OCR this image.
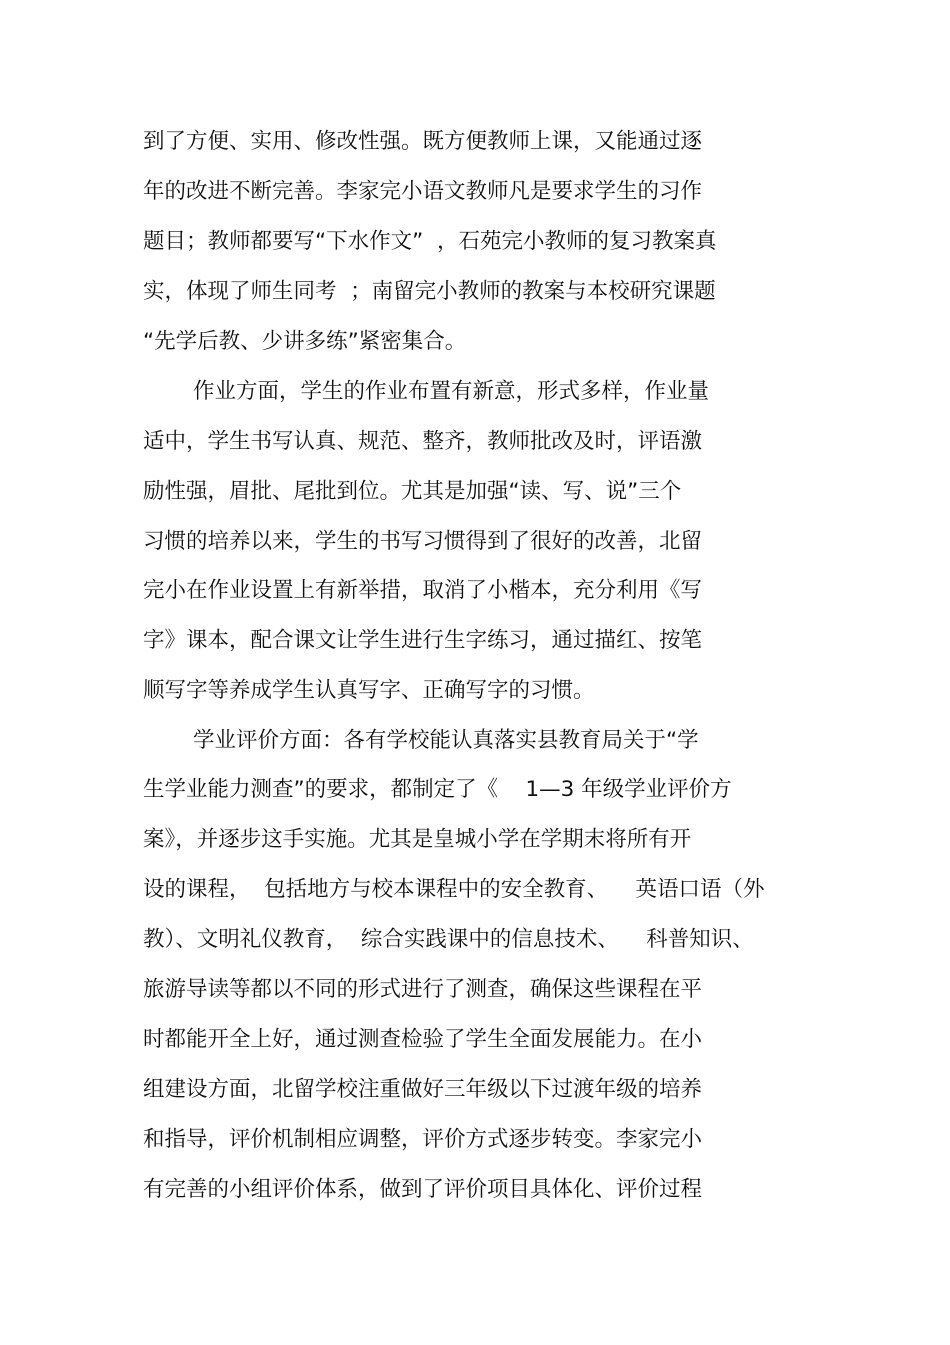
到了方便、实用、修改性强。既方便教师上课，又能通过逐
年的改进不断完善。李家完小语文教师凡是要求学生的习作
题目；教师都要写“下水作文”  ，石苑完小教师的复习教案真
实，体现了师生同考  ；南留完小教师的教案与本校研究课题
“先学后教、少讲多练”紧密集合。
作业方面，学生的作业布置有新意，形式多样，作业量
适中，学生书写认真、规范、整齐，教师批改及时，评语激
励性强，眉批、尾批到位。尤其是加强“读、写、说”三个
习惯的培养以来，学生的书写习惯得到了很好的改善，北留
完小在作业设置上有新举措，取消了小楷本，充分利用《写
字》课本，配合课文让学生进行生字练习，通过描红、按笔
顺写字等养成学生认真写字、正确写字的习惯。
学业评价方面：各有学校能认真落实县教育局关于“学
生学业能力测查”的要求，都制定了《    1—3 年级学业评价方
案》，并逐步这手实施。尤其是皇城小学在学期末将所有开
设的课程，  包括地方与校本课程中的安全教育、    英语口语（外
教）、文明礼仪教育，  综合实践课中的信息技术、    科普知识、
旅游导读等都以不同的形式进行了测查，确保这些课程在平
时都能开全上好，通过测查检验了学生全面发展能力。在小
组建设方面，北留学校注重做好三年级以下过渡年级的培养
和指导，评价机制相应调整，评价方式逐步转变。李家完小
有完善的小组评价体系，做到了评价项目具体化、评价过程
